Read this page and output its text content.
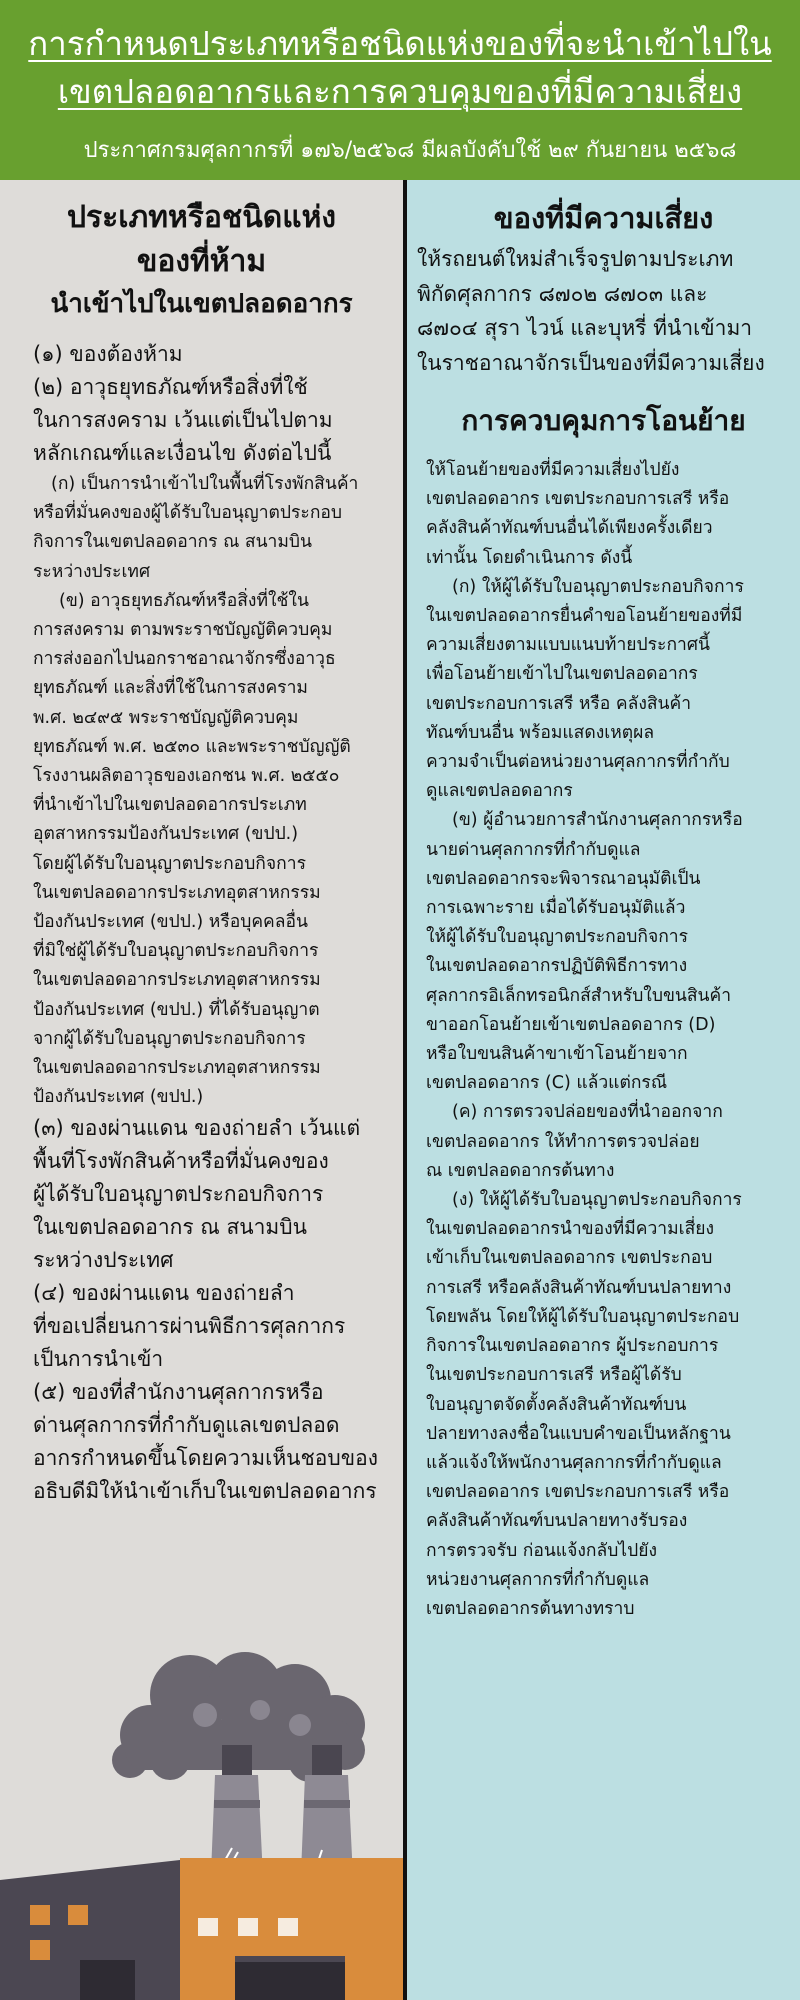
การกำหนดประเภทหรือชนิดแห่งของที่จะนำเข้าไปใน
เขตปลอดอากรและการควบคุมของที่มีความเสี่ยง
ประกาศกรมศุลกากรที่ ๑๗๖/๒๕๖๘ มีผลบังคับใช้ ๒๙ กันยายน ๒๕๖๘
ประเภทหรือชนิดแห่ง
ของที่ห้าม
นำเข้าไปในเขตปลอดอากร
(๑) ของต้องห้าม
(๒) อาวุธยุทธภัณฑ์หรือสิ่งที่ใช้
ในการสงคราม เว้นแต่เป็นไปตาม
หลักเกณฑ์และเงื่อนไข ดังต่อไปนี้
(ก) เป็นการนำเข้าไปในพื้นที่โรงพักสินค้า
หรือที่มั่นคงของผู้ได้รับใบอนุญาตประกอบ
กิจการในเขตปลอดอากร ณ สนามบิน
ระหว่างประเทศ
(ข) อาวุธยุทธภัณฑ์หรือสิ่งที่ใช้ใน
การสงคราม ตามพระราชบัญญัติควบคุม
การส่งออกไปนอกราชอาณาจักรซึ่งอาวุธ
ยุทธภัณฑ์ และสิ่งที่ใช้ในการสงคราม
พ.ศ. ๒๔๙๕ พระราชบัญญัติควบคุม
ยุทธภัณฑ์ พ.ศ. ๒๕๓๐ และพระราชบัญญัติ
โรงงานผลิตอาวุธของเอกชน พ.ศ. ๒๕๕๐
ที่นำเข้าไปในเขตปลอดอากรประเภท
อุตสาหกรรมป้องกันประเทศ (ขปป.)
โดยผู้ได้รับใบอนุญาตประกอบกิจการ
ในเขตปลอดอากรประเภทอุตสาหกรรม
ป้องกันประเทศ (ขปป.) หรือบุคคลอื่น
ที่มิใช่ผู้ได้รับใบอนุญาตประกอบกิจการ
ในเขตปลอดอากรประเภทอุตสาหกรรม
ป้องกันประเทศ (ขปป.) ที่ได้รับอนุญาต
จากผู้ได้รับใบอนุญาตประกอบกิจการ
ในเขตปลอดอากรประเภทอุตสาหกรรม
ป้องกันประเทศ (ขปป.)
(๓) ของผ่านแดน ของถ่ายลำ เว้นแต่
พื้นที่โรงพักสินค้าหรือที่มั่นคงของ
ผู้ได้รับใบอนุญาตประกอบกิจการ
ในเขตปลอดอากร ณ สนามบิน
ระหว่างประเทศ
(๔) ของผ่านแดน ของถ่ายลำ
ที่ขอเปลี่ยนการผ่านพิธีการศุลกากร
เป็นการนำเข้า
(๕) ของที่สำนักงานศุลกากรหรือ
ด่านศุลกากรที่กำกับดูแลเขตปลอด
อากรกำหนดขึ้นโดยความเห็นชอบของ
อธิบดีมิให้นำเข้าเก็บในเขตปลอดอากร
ของที่มีความเสี่ยง
ให้รถยนต์ใหม่สำเร็จรูปตามประเภท
พิกัดศุลกากร ๘๗๐๒ ๘๗๐๓ และ
๘๗๐๔ สุรา ไวน์ และบุหรี่ ที่นำเข้ามา
ในราชอาณาจักรเป็นของที่มีความเสี่ยง
การควบคุมการโอนย้าย
ให้โอนย้ายของที่มีความเสี่ยงไปยัง
เขตปลอดอากร เขตประกอบการเสรี หรือ
คลังสินค้าทัณฑ์บนอื่นได้เพียงครั้งเดียว
เท่านั้น โดยดำเนินการ ดังนี้
(ก) ให้ผู้ได้รับใบอนุญาตประกอบกิจการ
ในเขตปลอดอากรยื่นคำขอโอนย้ายของที่มี
ความเสี่ยงตามแบบแนบท้ายประกาศนี้
เพื่อโอนย้ายเข้าไปในเขตปลอดอากร
เขตประกอบการเสรี หรือ คลังสินค้า
ทัณฑ์บนอื่น พร้อมแสดงเหตุผล
ความจำเป็นต่อหน่วยงานศุลกากรที่กำกับ
ดูแลเขตปลอดอากร
(ข) ผู้อำนวยการสำนักงานศุลกากรหรือ
นายด่านศุลกากรที่กำกับดูแล
เขตปลอดอากรจะพิจารณาอนุมัติเป็น
การเฉพาะราย เมื่อได้รับอนุมัติแล้ว
ให้ผู้ได้รับใบอนุญาตประกอบกิจการ
ในเขตปลอดอากรปฏิบัติพิธีการทาง
ศุลกากรอิเล็กทรอนิกส์สำหรับใบขนสินค้า
ขาออกโอนย้ายเข้าเขตปลอดอากร (D)
หรือใบขนสินค้าขาเข้าโอนย้ายจาก
เขตปลอดอากร (C) แล้วแต่กรณี
(ค) การตรวจปล่อยของที่นำออกจาก
เขตปลอดอากร ให้ทำการตรวจปล่อย
ณ เขตปลอดอากรต้นทาง
(ง) ให้ผู้ได้รับใบอนุญาตประกอบกิจการ
ในเขตปลอดอากรนำของที่มีความเสี่ยง
เข้าเก็บในเขตปลอดอากร เขตประกอบ
การเสรี หรือคลังสินค้าทัณฑ์บนปลายทาง
โดยพลัน โดยให้ผู้ได้รับใบอนุญาตประกอบ
กิจการในเขตปลอดอากร ผู้ประกอบการ
ในเขตประกอบการเสรี หรือผู้ได้รับ
ใบอนุญาตจัดตั้งคลังสินค้าทัณฑ์บน
ปลายทางลงชื่อในแบบคำขอเป็นหลักฐาน
แล้วแจ้งให้พนักงานศุลกากรที่กำกับดูแล
เขตปลอดอากร เขตประกอบการเสรี หรือ
คลังสินค้าทัณฑ์บนปลายทางรับรอง
การตรวจรับ ก่อนแจ้งกลับไปยัง
หน่วยงานศุลกากรที่กำกับดูแล
เขตปลอดอากรต้นทางทราบ
